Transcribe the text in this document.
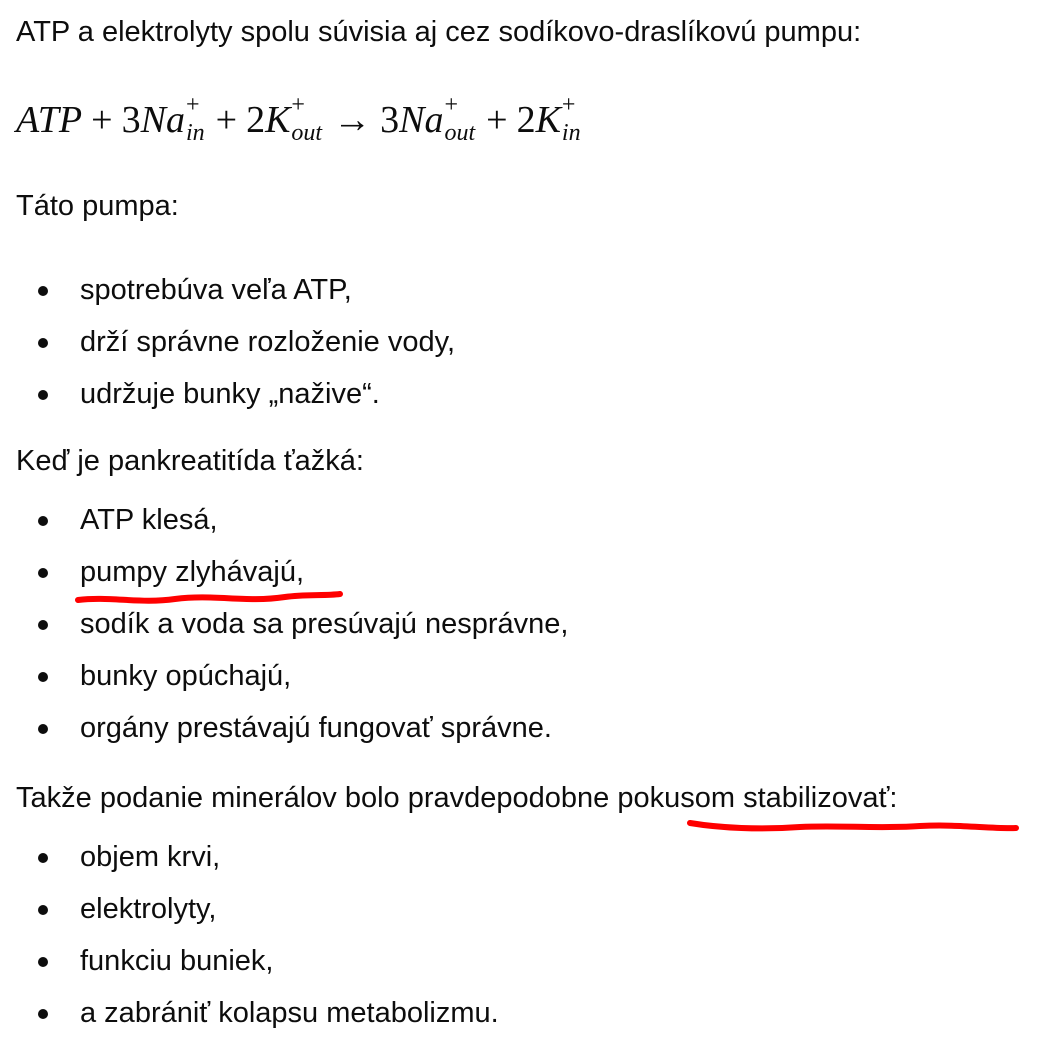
ATP a elektrolyty spolu súvisia aj cez sodíkovo-draslíkovú pumpu:

ATP + 3Na +
in + 2K +
out → 3Na +
out + 2K +
in

Táto pumpa:

spotrebúva veľa ATP,
drží správne rozloženie vody,
udržuje bunky „nažive“.

Keď je pankreatitída ťažká:

ATP klesá,
pumpy zlyhávajú,
sodík a voda sa presúvajú nesprávne,
bunky opúchajú,
orgány prestávajú fungovať správne.

Takže podanie minerálov bolo pravdepodobne pokusom stabilizovať:

objem krvi,
elektrolyty,
funkciu buniek,
a zabrániť kolapsu metabolizmu.
